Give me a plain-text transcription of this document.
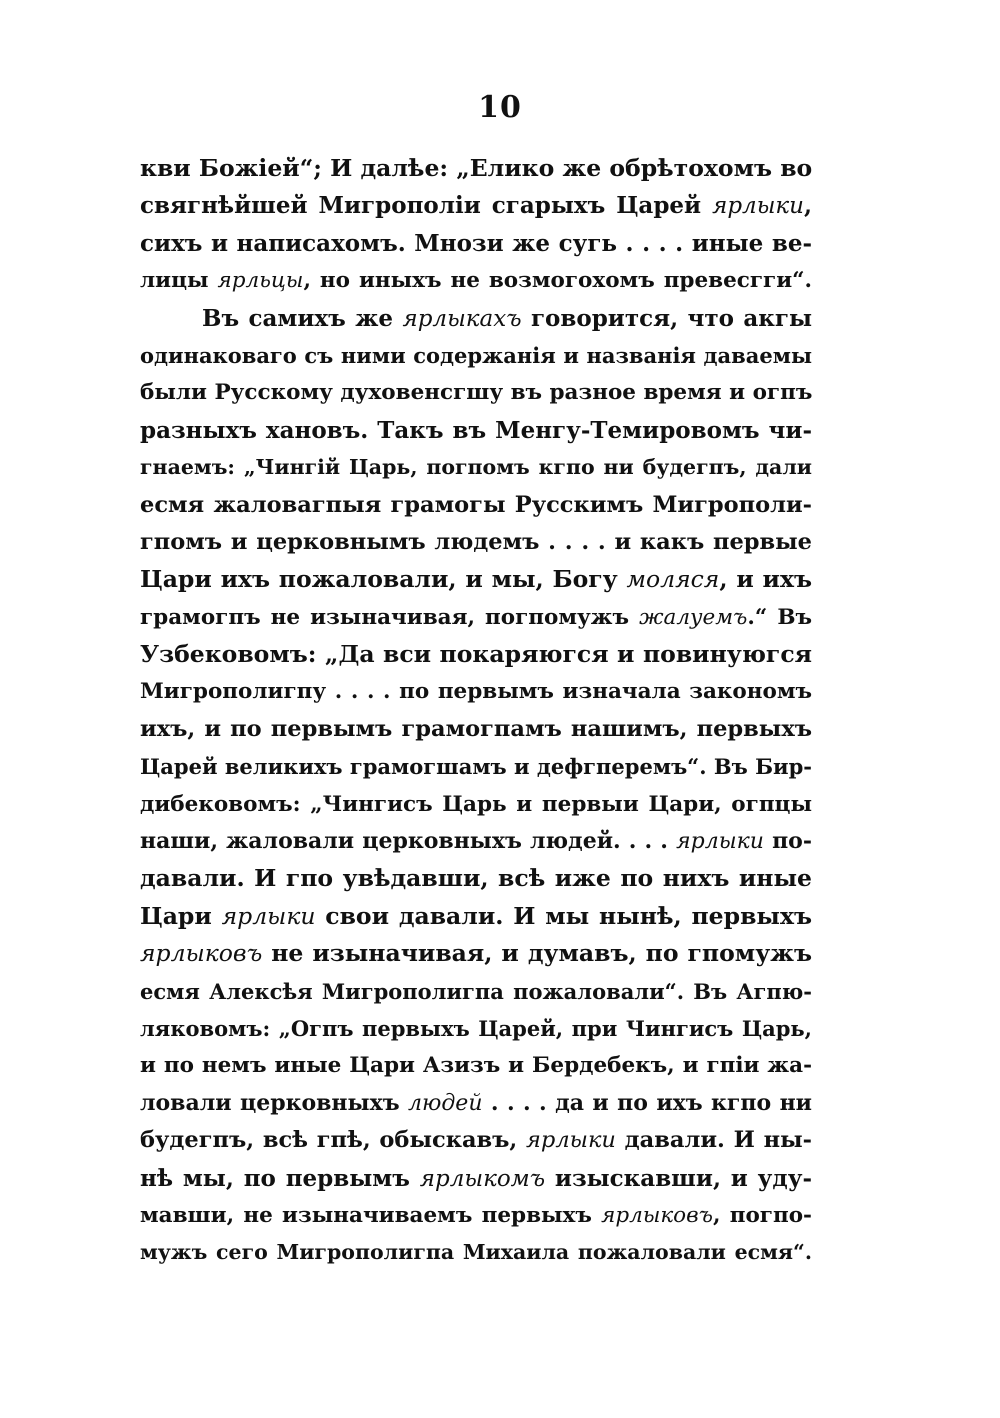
10
кви Божiей“; И далѣе: „Елико же обрѣтохомъ во
свягнѣйшей Мигрополiи сгарыхъ Царей ярлыки,
сихъ и написахомъ. Мнози же сугь . . . . иные ве-
лицы ярльцы, но иныхъ не возмогохомъ превесгги“.
Въ самихъ же ярлыкахъ говорится, что акгы
одинаковаго съ ними содержанiя и названiя даваемы
были Русскому духовенсгшу въ разное время и огпъ
разныхъ хановъ. Такъ въ Менгу-Темировомъ чи-
гнаемъ: „Чингiй Царь, погпомъ кгпо ни будегпъ, дали
есмя жаловагпыя грамогы Русскимъ Мигрополи-
гпомъ и церковнымъ людемъ . . . . и какъ первые
Цари ихъ пожаловали, и мы, Богу моляся, и ихъ
грамогпъ не изыначивая, погпомужъ жалуемъ.“ Въ
Узбековомъ: „Да вси покаряюгся и повинуюгся
Мигрополигпу . . . . по первымъ изначала закономъ
ихъ, и по первымъ грамогпамъ нашимъ, первыхъ
Царей великихъ грамогшамъ и дефгперемъ“. Въ Бир-
дибековомъ: „Чингисъ Царь и первыи Цари, огпцы
наши, жаловали церковныхъ людей. . . . ярлыки по-
давали. И гпо увѣдавши, всѣ иже по нихъ иные
Цари ярлыки свои давали. И мы нынѣ, первыхъ
ярлыковъ не изыначивая, и думавъ, по гпомужъ
есмя Алексѣя Мигрополигпа пожаловали“. Въ Агпю-
ляковомъ: „Огпъ первыхъ Царей, при Чингисъ Царь,
и по немъ иные Цари Азизъ и Бердебекъ, и гпiи жа-
ловали церковныхъ людей . . . . да и по ихъ кгпо ни
будегпъ, всѣ гпѣ, обыскавъ, ярлыки давали. И ны-
нѣ мы, по первымъ ярлыкомъ изыскавши, и уду-
мавши, не изыначиваемъ первыхъ ярлыковъ, погпо-
мужъ сего Мигрополигпа Михаила пожаловали есмя“.
